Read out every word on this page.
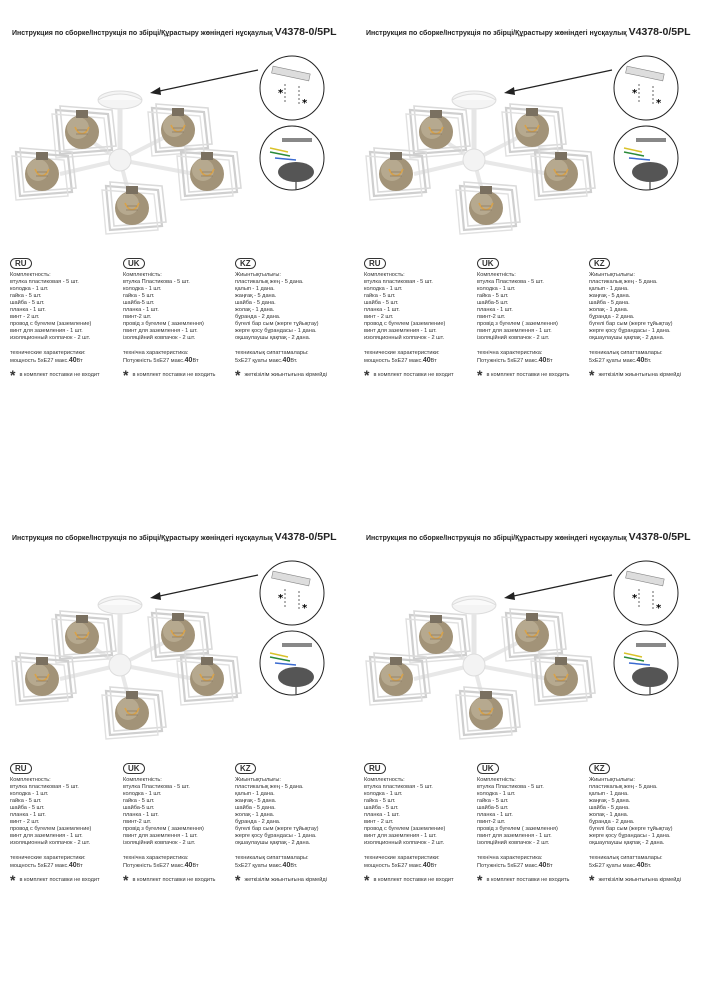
Инструкция по сборке/Інструкція по збірці/Құрастыру жөніндегі нұсқаулық V4378-0/5PL
*
*
RU
Комплектность:
втулка пластиковая - 5 шт.
колодка - 1 шт.
гайка - 5 шт.
шайба - 5 шт.
планка - 1 шт.
винт - 2 шт.
провод с бугелем (заземление)
винт для заземления - 1 шт.
изоляционный колпачок - 2 шт.
технические характеристики:
мощность 5хЕ27 макс.40Вт
* в комплект поставки не входит
UK
Комплектність:
втулка Пластикова - 5 шт.
колодка - 1 шт.
гайка - 5 шт.
шайба-5 шт.
планка - 1 шт.
гвинт-2 шт.
провід з бугелем ( заземлення)
гвинт для заземлення - 1 шт.
ізоляційний ковпачок - 2 шт.
технічна характеристика:
Потужність 5хЕ27 макс.40Вт
* в комплект поставки не входить
KZ
Жиынтықтылығы:
пластикалық жең - 5 дана.
қалып - 1 дана.
жаңғақ - 5 дана.
шайба - 5 дана.
жолақ - 1 дана.
бұранда - 2 дана.
бүгелі бар сым (жерге тұйықтау)
жерге қосу бұрандасы - 1 дана.
оқшаулаушы қақпақ - 2 дана.
техникалық сипаттамалары:
5хЕ27 қуаты макс.40Вт.
* жеткізілім жиынтығына кірмейді
Инструкция по сборке/Інструкція по збірці/Құрастыру жөніндегі нұсқаулық V4378-0/5PL
*
*
RU
Комплектность:
втулка пластиковая - 5 шт.
колодка - 1 шт.
гайка - 5 шт.
шайба - 5 шт.
планка - 1 шт.
винт - 2 шт.
провод с бугелем (заземление)
винт для заземления - 1 шт.
изоляционный колпачок - 2 шт.
технические характеристики:
мощность 5хЕ27 макс.40Вт
* в комплект поставки не входит
UK
Комплектність:
втулка Пластикова - 5 шт.
колодка - 1 шт.
гайка - 5 шт.
шайба-5 шт.
планка - 1 шт.
гвинт-2 шт.
провід з бугелем ( заземлення)
гвинт для заземлення - 1 шт.
ізоляційний ковпачок - 2 шт.
технічна характеристика:
Потужність 5хЕ27 макс.40Вт
* в комплект поставки не входить
KZ
Жиынтықтылығы:
пластикалық жең - 5 дана.
қалып - 1 дана.
жаңғақ - 5 дана.
шайба - 5 дана.
жолақ - 1 дана.
бұранда - 2 дана.
бүгелі бар сым (жерге тұйықтау)
жерге қосу бұрандасы - 1 дана.
оқшаулаушы қақпақ - 2 дана.
техникалық сипаттамалары:
5хЕ27 қуаты макс.40Вт.
* жеткізілім жиынтығына кірмейді
Инструкция по сборке/Інструкція по збірці/Құрастыру жөніндегі нұсқаулық V4378-0/5PL
*
*
RU
Комплектность:
втулка пластиковая - 5 шт.
колодка - 1 шт.
гайка - 5 шт.
шайба - 5 шт.
планка - 1 шт.
винт - 2 шт.
провод с бугелем (заземление)
винт для заземления - 1 шт.
изоляционный колпачок - 2 шт.
технические характеристики:
мощность 5хЕ27 макс.40Вт
* в комплект поставки не входит
UK
Комплектність:
втулка Пластикова - 5 шт.
колодка - 1 шт.
гайка - 5 шт.
шайба-5 шт.
планка - 1 шт.
гвинт-2 шт.
провід з бугелем ( заземлення)
гвинт для заземлення - 1 шт.
ізоляційний ковпачок - 2 шт.
технічна характеристика:
Потужність 5хЕ27 макс.40Вт
* в комплект поставки не входить
KZ
Жиынтықтылығы:
пластикалық жең - 5 дана.
қалып - 1 дана.
жаңғақ - 5 дана.
шайба - 5 дана.
жолақ - 1 дана.
бұранда - 2 дана.
бүгелі бар сым (жерге тұйықтау)
жерге қосу бұрандасы - 1 дана.
оқшаулаушы қақпақ - 2 дана.
техникалық сипаттамалары:
5хЕ27 қуаты макс.40Вт.
* жеткізілім жиынтығына кірмейді
Инструкция по сборке/Інструкція по збірці/Құрастыру жөніндегі нұсқаулық V4378-0/5PL
*
*
RU
Комплектность:
втулка пластиковая - 5 шт.
колодка - 1 шт.
гайка - 5 шт.
шайба - 5 шт.
планка - 1 шт.
винт - 2 шт.
провод с бугелем (заземление)
винт для заземления - 1 шт.
изоляционный колпачок - 2 шт.
технические характеристики:
мощность 5хЕ27 макс.40Вт
* в комплект поставки не входит
UK
Комплектність:
втулка Пластикова - 5 шт.
колодка - 1 шт.
гайка - 5 шт.
шайба-5 шт.
планка - 1 шт.
гвинт-2 шт.
провід з бугелем ( заземлення)
гвинт для заземлення - 1 шт.
ізоляційний ковпачок - 2 шт.
технічна характеристика:
Потужність 5хЕ27 макс.40Вт
* в комплект поставки не входить
KZ
Жиынтықтылығы:
пластикалық жең - 5 дана.
қалып - 1 дана.
жаңғақ - 5 дана.
шайба - 5 дана.
жолақ - 1 дана.
бұранда - 2 дана.
бүгелі бар сым (жерге тұйықтау)
жерге қосу бұрандасы - 1 дана.
оқшаулаушы қақпақ - 2 дана.
техникалық сипаттамалары:
5хЕ27 қуаты макс.40Вт.
* жеткізілім жиынтығына кірмейді
